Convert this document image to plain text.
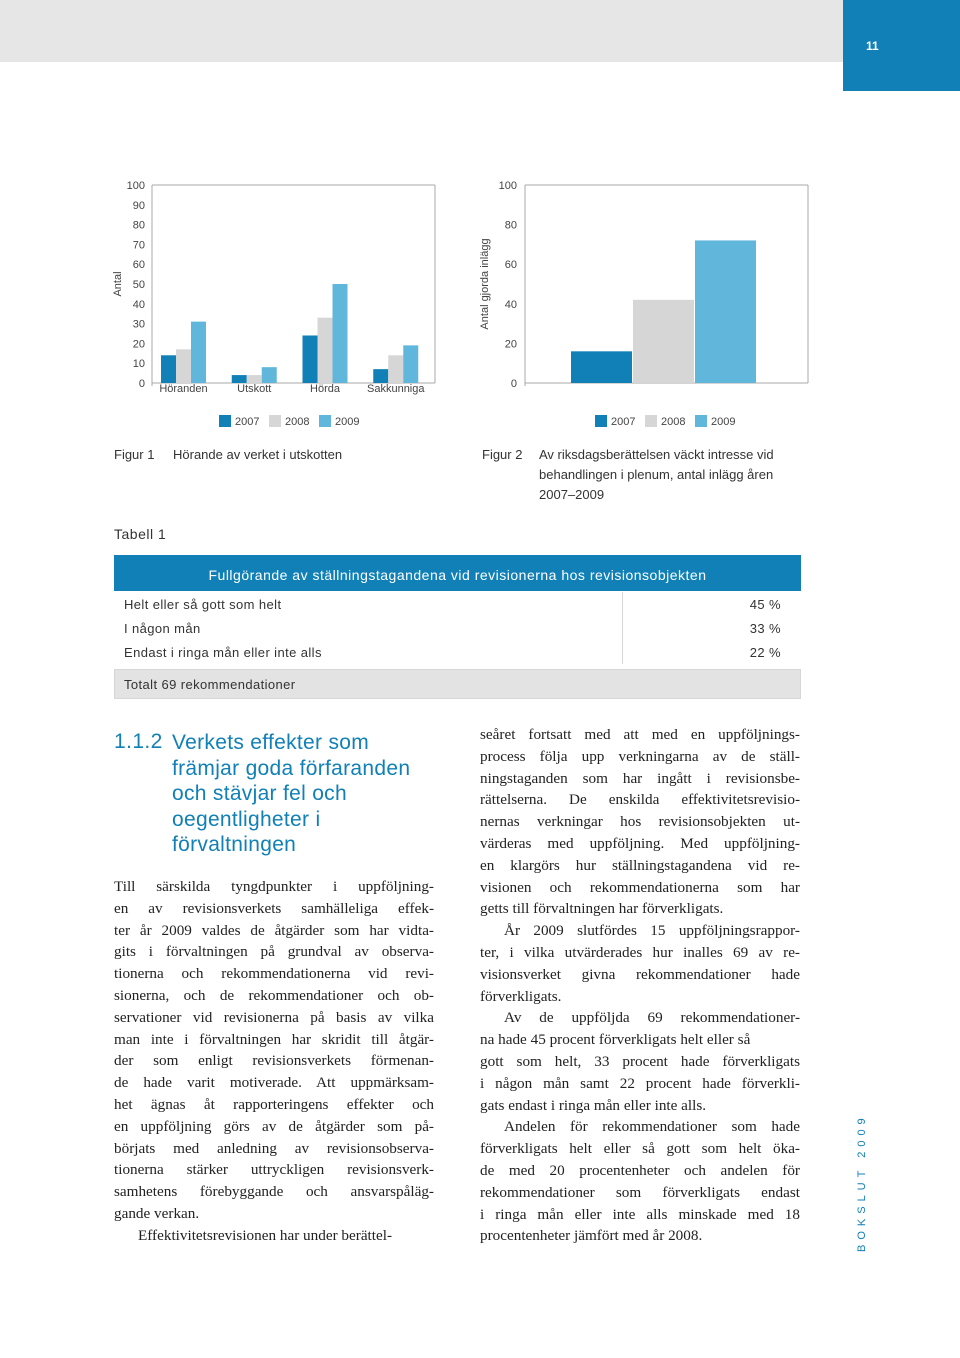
11
Antal
100
90
80
70
60
50
40
30
20
10
0 Höranden	Utskott	Hörda Sakkunniga
2007 2008 2009
Antal gjorda inlägg
100
80
60
40
20
0
2007 2008 2009
Figur 1 Hörande av verket i utskotten	Figur 2 Av riksdagsberättelsen väckt intresse vid
behandlingen i plenum, antal inlägg åren
2007–2009
Tabell 1
Fullgörande av ställningstagandena vid revisionerna hos revisionsobjekten
Helt eller så gott som helt	45 %
I någon mån	33 %
Endast i ringa mån eller inte alls	22 %
Totalt 69 rekommendationer
1.1.2 Verkets effekter som
främjar goda förfaranden
och stävjar fel och
oegentligheter i
förvaltningen
Till särskilda tyngdpunkter i uppföljning-
en av revisionsverkets samhälleliga effek-
ter år 2009 valdes de åtgärder som har vidta-
gits i förvaltningen på grundval av observa-
tionerna och rekommendationerna vid revi-
sionerna, och de rekommendationer och ob-
servationer vid revisionerna på basis av vilka
man inte i förvaltningen har skridit till åtgär-
der som enligt revisionsverkets förmenan-
de hade varit motiverade. Att uppmärksam-
het ägnas åt rapporteringens effekter och
en uppföljning görs av de åtgärder som på-
börjats med anledning av revisionsobserva-
tionerna stärker uttryckligen revisionsverk-
samhetens förebyggande och ansvarspåläg-
gande verkan.
Effektivitetsrevisionen har under berättel-
seåret fortsatt med att med en uppföljnings-
process följa upp verkningarna av de ställ-
ningstaganden som har ingått i revisionsbe-
rättelserna. De enskilda effektivitetsrevisio-
nernas verkningar hos revisionsobjekten ut-
värderas med uppföljning. Med uppföljning-
en klargörs hur ställningstagandena vid re-
visionen och rekommendationerna som har
getts till förvaltningen har förverkligats.
År 2009 slutfördes 15 uppföljningsrappor-
ter, i vilka utvärderades hur inalles 69 av re-
visionsverket givna rekommendationer hade
förverkligats.
Av de uppföljda 69 rekommendationer-
na hade 45 procent förverkligats helt eller så
gott som helt, 33 procent hade förverkligats
i någon mån samt 22 procent hade förverkli-
gats endast i ringa mån eller inte alls.
Andelen för rekommendationer som hade
förverkligats helt eller så gott som helt öka-
de med 20 procentenheter och andelen för
rekommendationer som förverkligats endast
i ringa mån eller inte alls minskade med 18
procentenheter jämfört med år 2008.	BOKSLUT 2009
